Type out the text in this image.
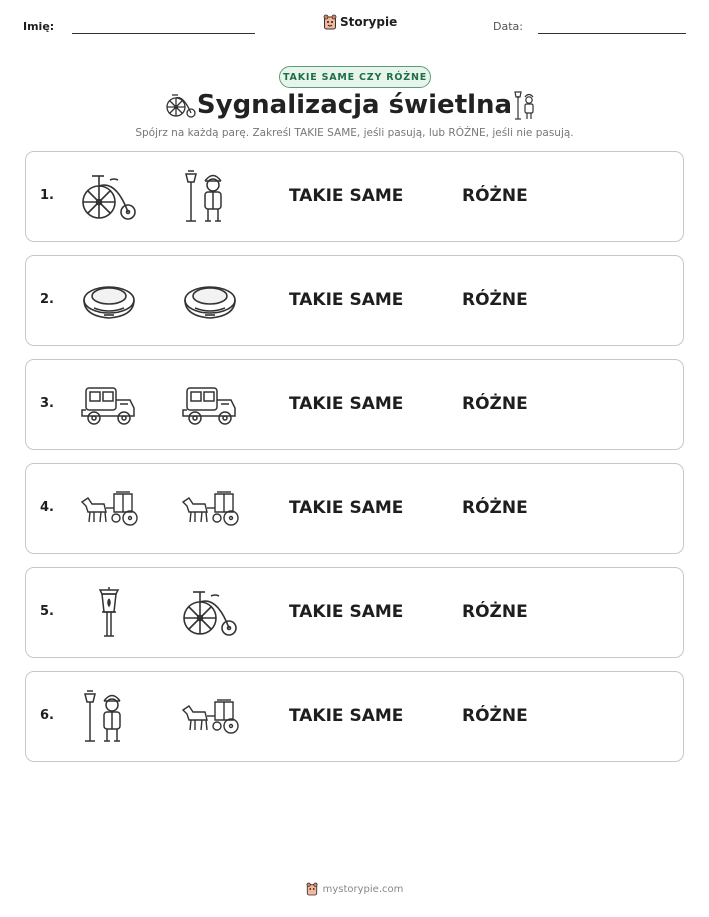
Imię:	Storypie	Data:
TAKIE SAME CZY RÓŻNE
Sygnalizacja świetlna
Spójrz na każdą parę. Zakreśl TAKIE SAME, jeśli pasują, lub RÓŻNE, jeśli nie pasują.
1.	TAKIE SAME	RÓŻNE
2.	TAKIE SAME	RÓŻNE
3.	TAKIE SAME	RÓŻNE
4.	TAKIE SAME	RÓŻNE
5.	TAKIE SAME	RÓŻNE
6.	TAKIE SAME	RÓŻNE
mystorypie.com
